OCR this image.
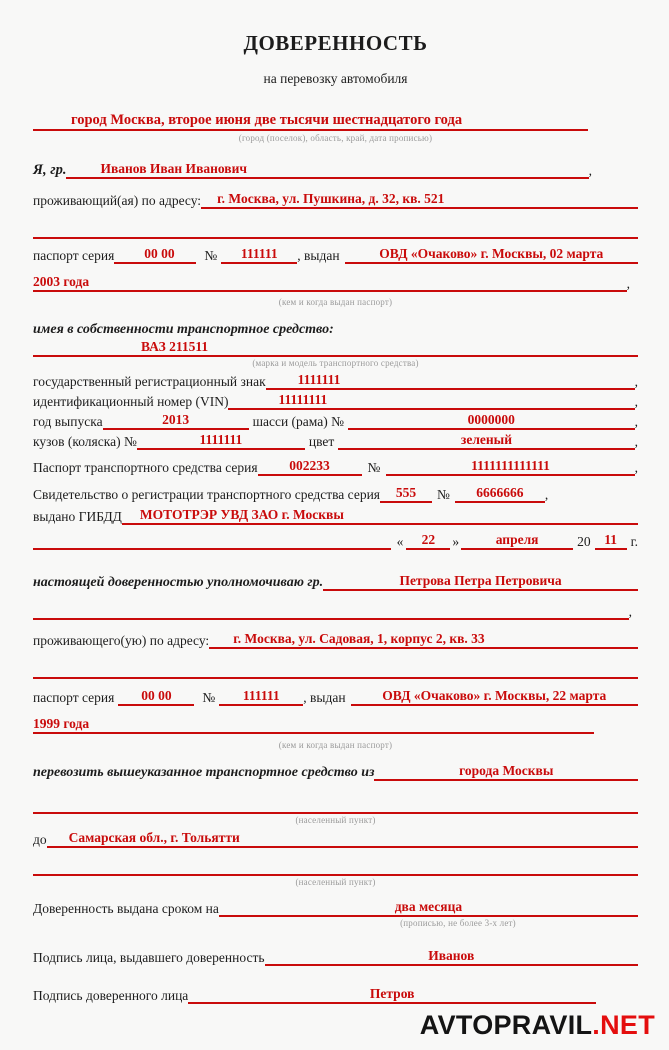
ДОВЕРЕННОСТЬ
на перевозку автомобиля
город Москва, второе июня две тысячи шестнадцатого года
(город (поселок), область, край, дата прописью)
Я, гр.	Иванов Иван Иванович	,
проживающий(ая) по адресу:	г. Москва, ул. Пушкина, д. 32, кв. 521
паспорт серия	00 00	№	111111	, выдан	ОВД «Очаково» г. Москвы, 02 марта
2003 года	,
(кем и когда выдан паспорт)
имея в собственности транспортное средство:
ВАЗ 211511
(марка и модель транспортного средства)
государственный регистрационный знак	1111111	,
идентификационный номер (VIN)	11111111	,
год выпуска	2013	шасси (рама) №	0000000	,
кузов (коляска) №	1111111	цвет	зеленый	,
Паспорт транспортного средства серия	002233	№	1111111111111	,
Свидетельство о регистрации транспортного средства серия	555	№	6666666	,
выдано ГИБДД	МОТОТРЭР УВД ЗАО г. Москвы
«	22	»	апреля	20	11	г.
настоящей доверенностью уполномочиваю гр.	Петрова Петра Петровича
,
проживающего(ую) по адресу:	г. Москва, ул. Садовая, 1, корпус 2, кв. 33
паспорт серия	00 00	№	111111	, выдан	ОВД «Очаково» г. Москвы, 22 марта
1999 года
(кем и когда выдан паспорт)
перевозить вышеуказанное транспортное средство из	города Москвы
(населенный пункт)
до	Самарская обл., г. Тольятти
(населенный пункт)
Доверенность выдана сроком на	два месяца
(прописью, не более 3-х лет)
Подпись лица, выдавшего доверенность	Иванов
Подпись доверенного лица	Петров
AVTOPRAVIL.NET
